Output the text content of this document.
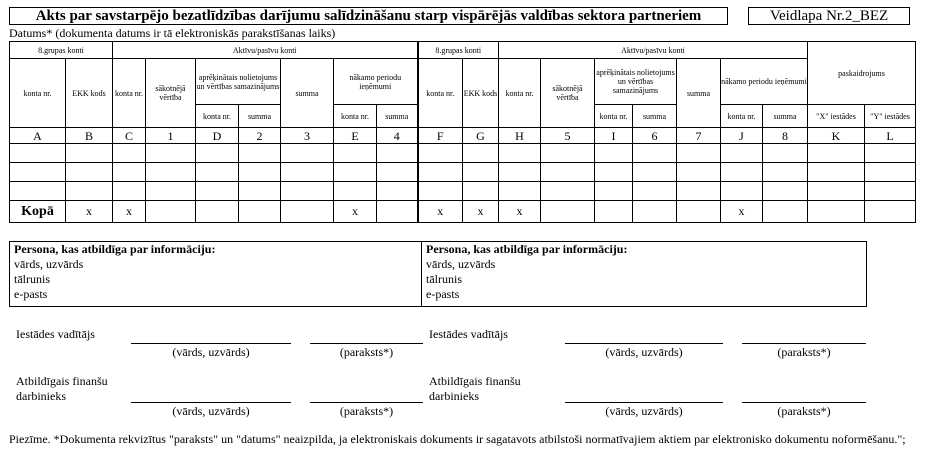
Akts par savstarpējo bezatlīdzības darījumu salīdzināšanu starp vispārējās valdības sektora partneriem	Veidlapa Nr.2_BEZ
Datums* (dokumenta datums ir tā elektroniskās parakstīšanas laiks)
8.grupas konti		Aktīvu/pasīvu konti							8.grupas konti		Aktīvu/pasīvu konti							paskaidrojums	
konta nr.	EKK kods	konta nr.	sākotnējā vērtība	aprēķinātais nolietojums un vērtības samazinājums		summa	nākamo periodu ieņēmumi		konta nr.	EKK kods	konta nr.	sākotnējā vērtība	aprēķinātais nolietojums un vērtības samazinājums		summa	nākamo periodu ieņēmumi			
				konta nr.	summa		konta nr.	summa					konta nr.	summa		konta nr.	summa	"X" iestādes	"Y" iestādes
A	B	C	1	D	2	3	E	4	F	G	H	5	I	6	7	J	8	K	L

Kopā	x	x					x		x	x	x					x			
Persona, kas atbildīga par informāciju:
vārds, uzvārds
tālrunis
e-pasts
Persona, kas atbildīga par informāciju:
vārds, uzvārds
tālrunis
e-pasts
Iestādes vadītājs
(vārds, uzvārds)	(paraksts*)
Atbildīgais finanšu
darbinieks
(vārds, uzvārds)	(paraksts*)
Iestādes vadītājs
(vārds, uzvārds)	(paraksts*)
Atbildīgais finanšu
darbinieks
(vārds, uzvārds)	(paraksts*)
Piezīme. *Dokumenta rekvizītus "paraksts" un "datums" neaizpilda, ja elektroniskais dokuments ir sagatavots atbilstoši normatīvajiem aktiem par elektronisko dokumentu noformēšanu.";
